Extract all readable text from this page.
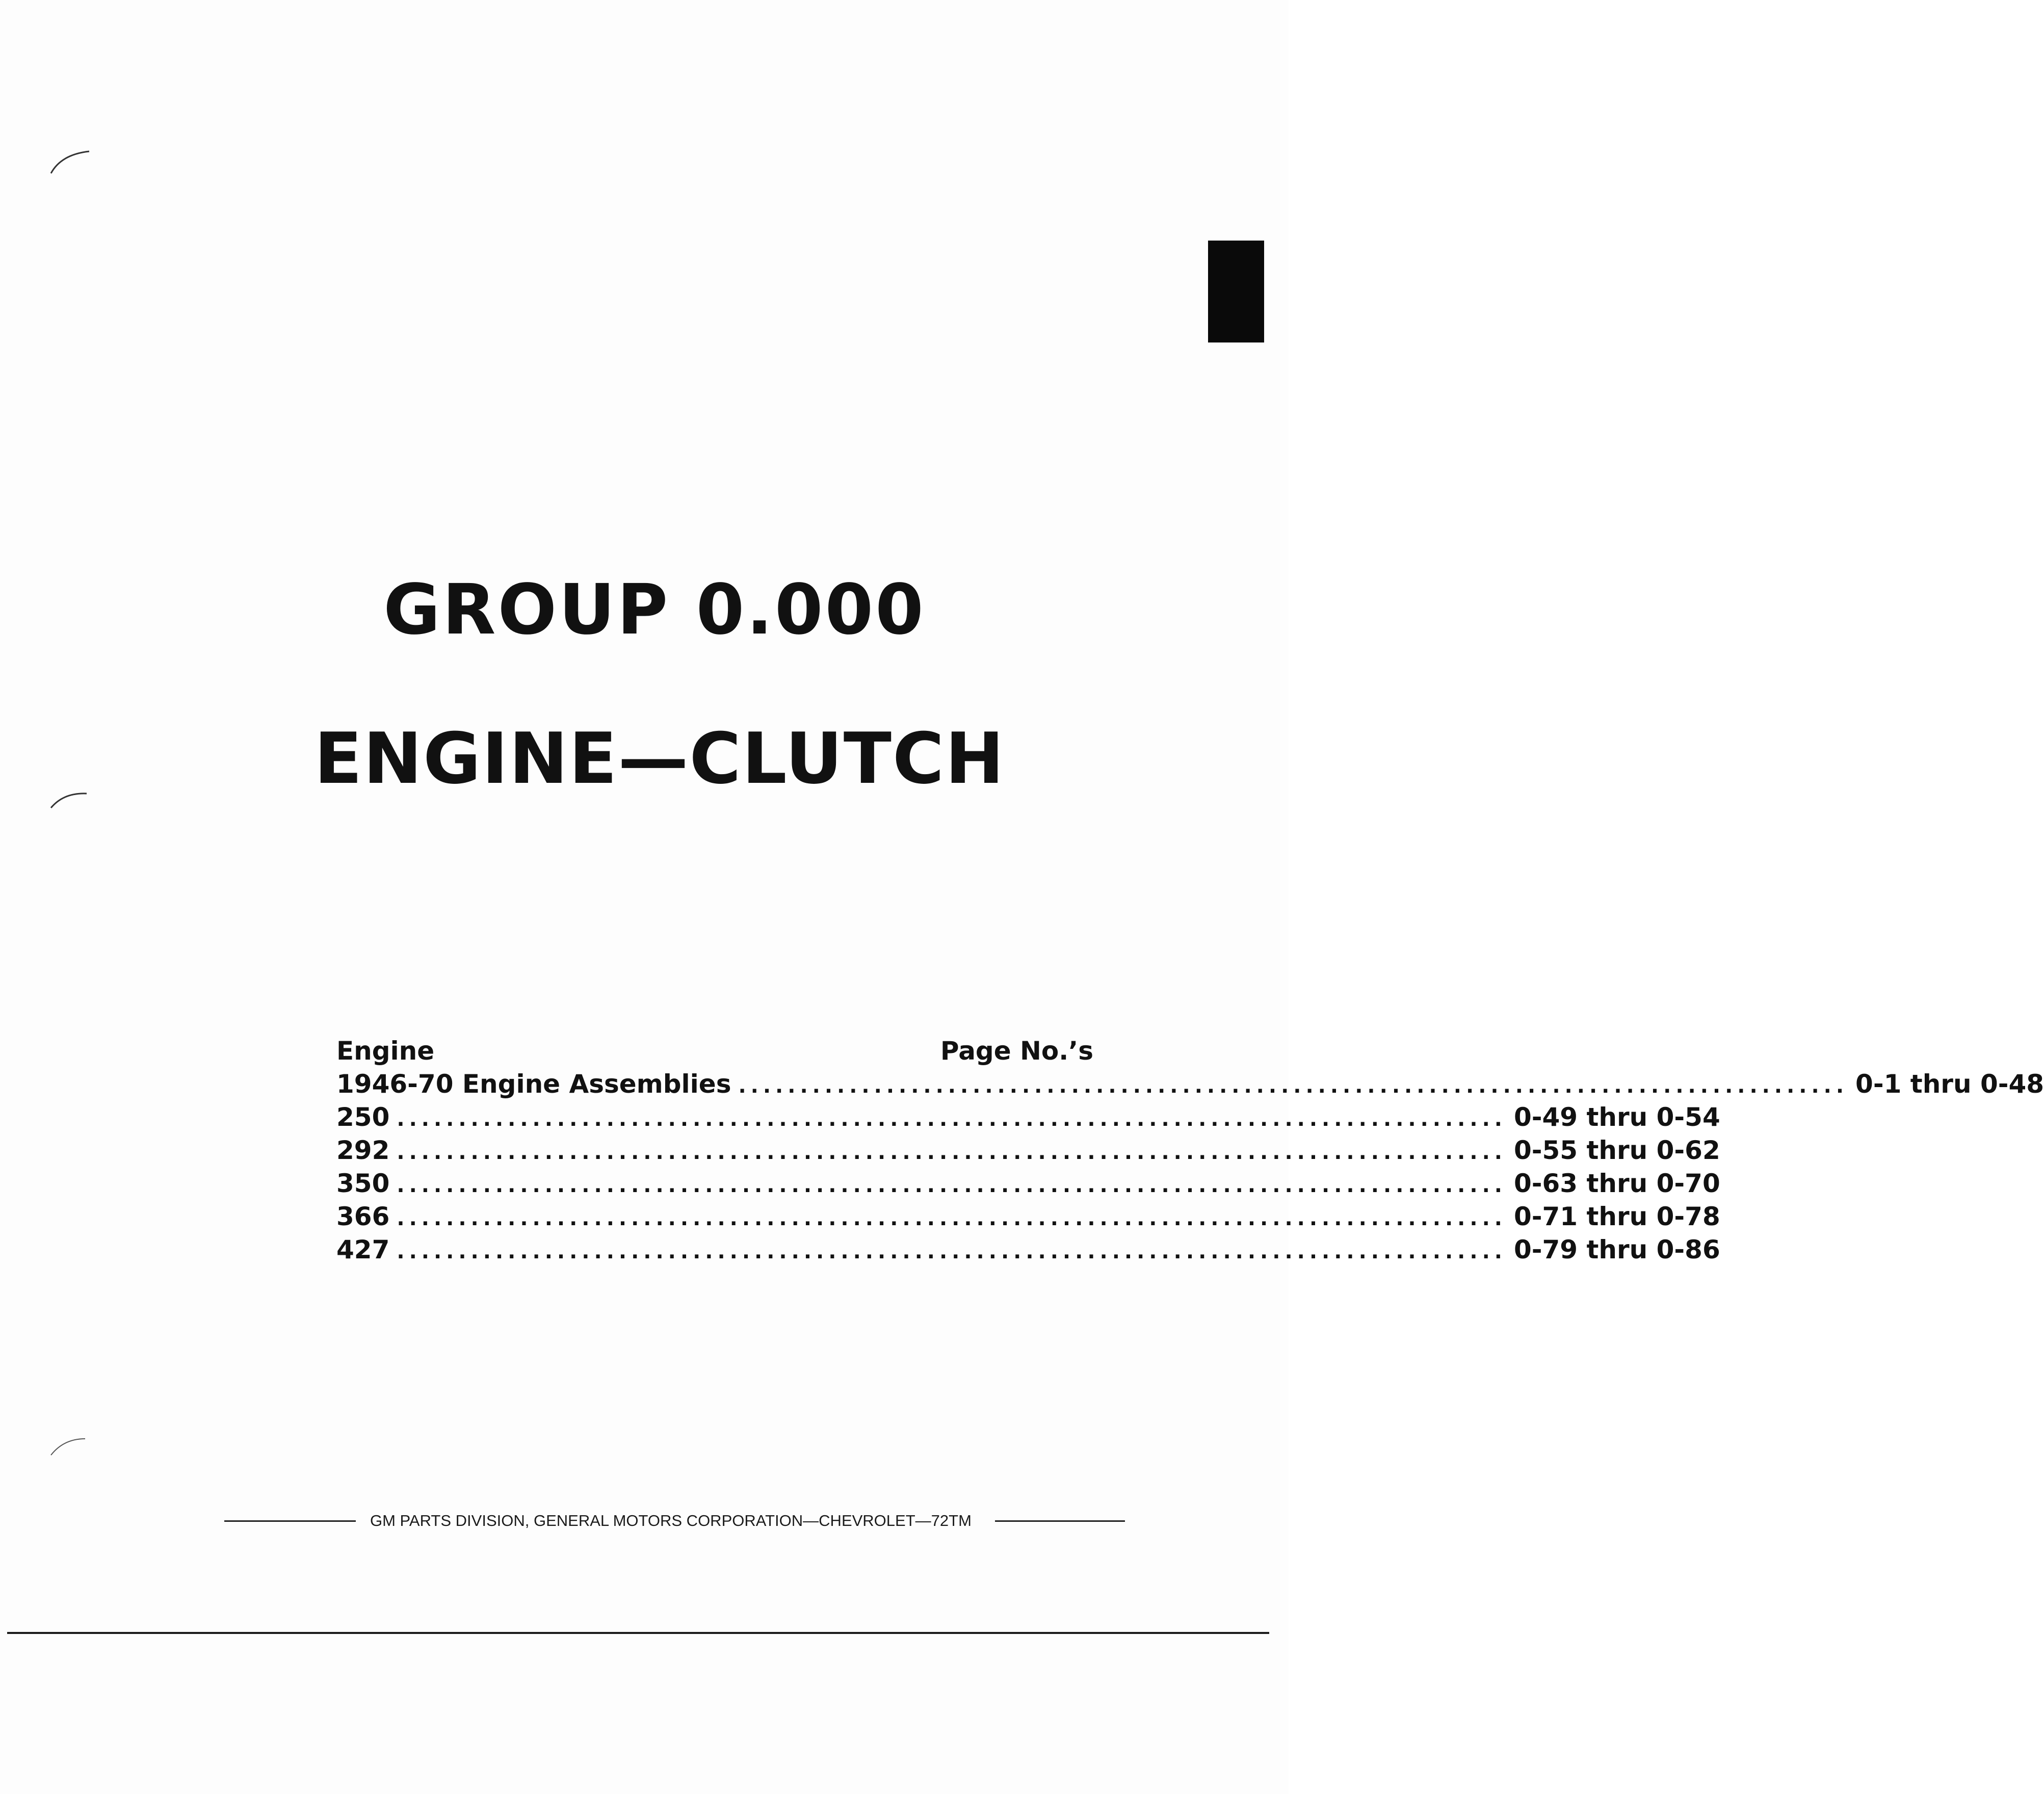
GROUP 0.000
ENGINE—CLUTCH
Engine	Page No.’s
1946-70 Engine Assemblies .......................................................................................... 0-1 thru 0-48
250 .......................................................................................... 0-49 thru 0-54
292 .......................................................................................... 0-55 thru 0-62
350 .......................................................................................... 0-63 thru 0-70
366 .......................................................................................... 0-71 thru 0-78
427 .......................................................................................... 0-79 thru 0-86
GM PARTS DIVISION, GENERAL MOTORS CORPORATION—CHEVROLET—72TM
